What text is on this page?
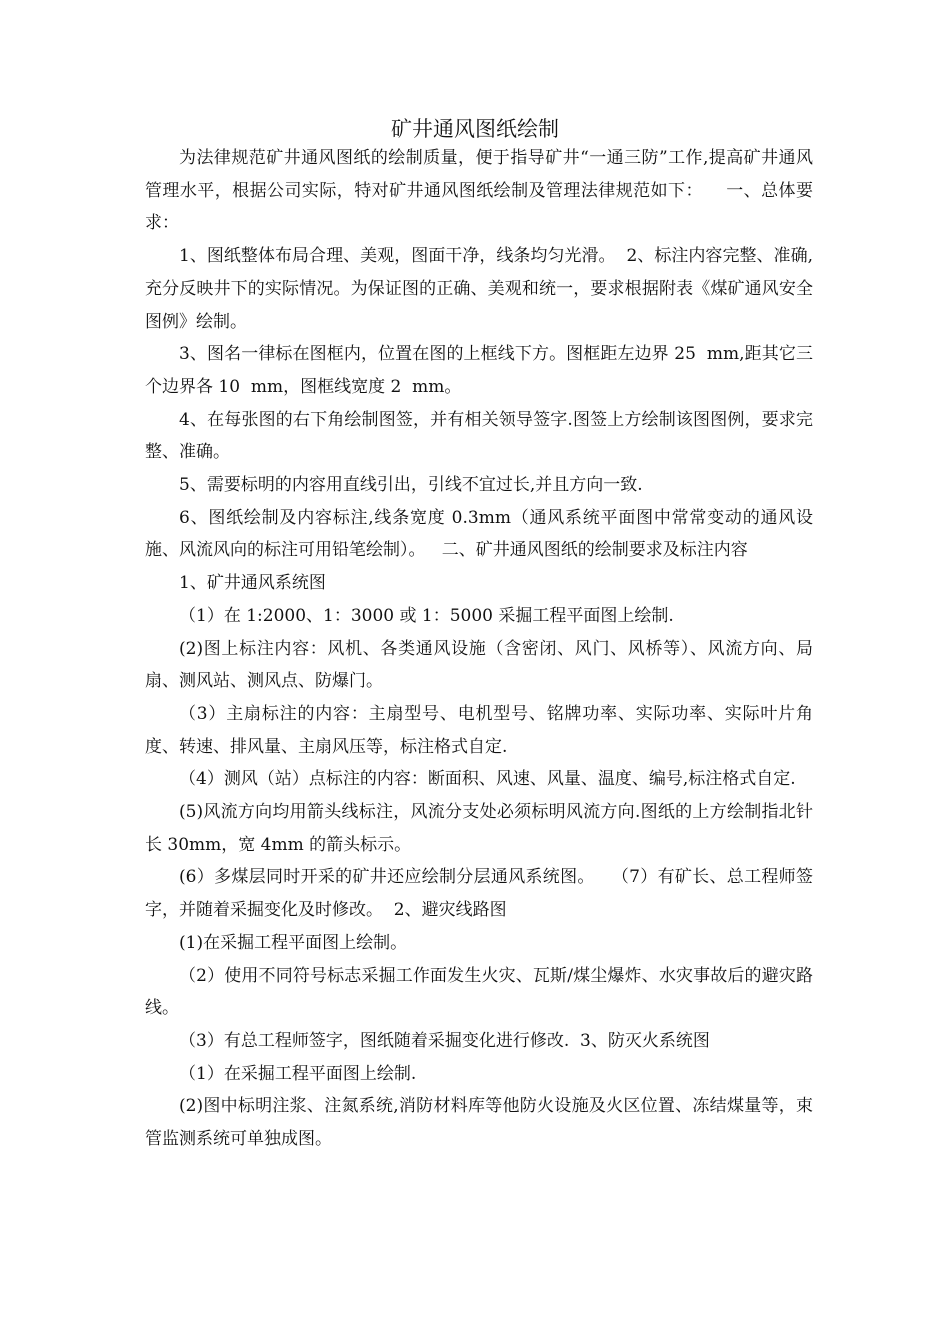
矿井通风图纸绘制

为法律规范矿井通风图纸的绘制质量，便于指导矿井“一通三防”工作,提高矿井通风管理水平，根据公司实际，特对矿井通风图纸绘制及管理法律规范如下：    一、总体要求：

1、图纸整体布局合理、美观，图面干净，线条均匀光滑。  2、标注内容完整、准确,充分反映井下的实际情况。为保证图的正确、美观和统一，要求根据附表《煤矿通风安全图例》绘制。

3、图名一律标在图框内，位置在图的上框线下方。图框距左边界 25  mm,距其它三个边界各 10  mm，图框线宽度 2  mm。

4、在每张图的右下角绘制图签，并有相关领导签字.图签上方绘制该图图例，要求完整、准确。

5、需要标明的内容用直线引出，引线不宜过长,并且方向一致.

6、图纸绘制及内容标注,线条宽度 0.3mm（通风系统平面图中常常变动的通风设施、风流风向的标注可用铅笔绘制）。   二、矿井通风图纸的绘制要求及标注内容

1、矿井通风系统图

（1）在 1:2000、1：3000 或 1：5000 采掘工程平面图上绘制.

(2)图上标注内容：风机、各类通风设施（含密闭、风门、风桥等）、风流方向、局扇、测风站、测风点、防爆门。

（3）主扇标注的内容：主扇型号、电机型号、铭牌功率、实际功率、实际叶片角度、转速、排风量、主扇风压等，标注格式自定.

（4）测风（站）点标注的内容：断面积、风速、风量、温度、编号,标注格式自定.

(5)风流方向均用箭头线标注，风流分支处必须标明风流方向.图纸的上方绘制指北针长 30mm，宽 4mm 的箭头标示。

(6）多煤层同时开采的矿井还应绘制分层通风系统图。   （7）有矿长、总工程师签字，并随着采掘变化及时修改。  2、避灾线路图

(1)在采掘工程平面图上绘制。

（2）使用不同符号标志采掘工作面发生火灾、瓦斯/煤尘爆炸、水灾事故后的避灾路线。

（3）有总工程师签字，图纸随着采掘变化进行修改.  3、防灭火系统图

（1）在采掘工程平面图上绘制.

(2)图中标明注浆、注氮系统,消防材料库等他防火设施及火区位置、冻结煤量等，束管监测系统可单独成图。
